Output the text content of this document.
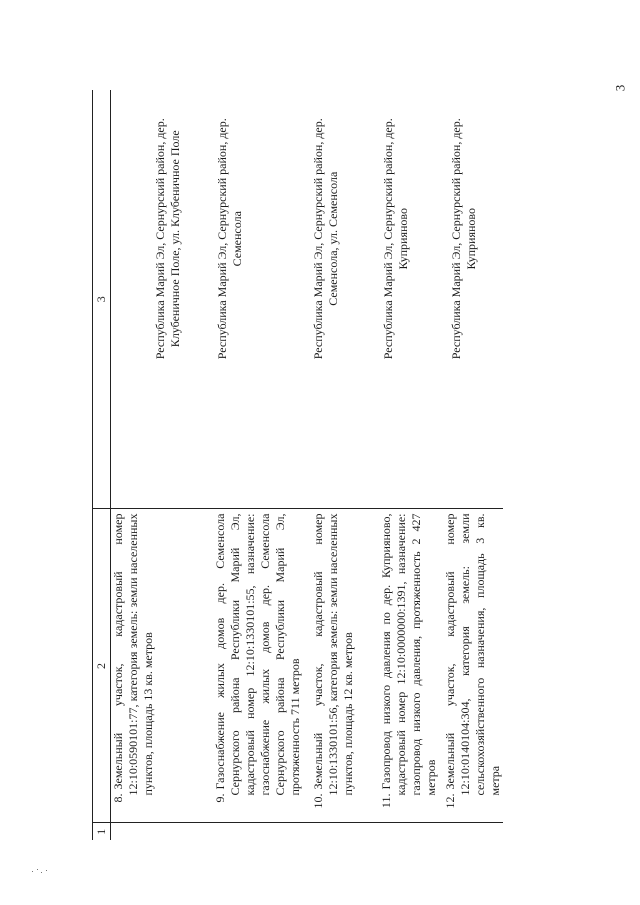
3
1	2	3

	8.Земельный участок, кадастровый номер 12:10:0590101:77, категория земель: земли населенных пунктов, площадь 13 кв. метров	Республика Марий Эл, Сернурский район, дер. Клубеничное Поле, ул. Клубеничное Поле

	9.Газоснабжение жилых домов дер. Семенсола Сернурского района Республики Марий Эл, кадастровый номер 12:10:1330101:55, назначение: газоснабжение жилых домов дер. Семенсола Сернурского района Республики Марий Эл, протяженность 711 метров	Республика Марий Эл, Сернурский район, дер. Семенсола

	10.Земельный участок, кадастровый номер 12:10:1330101:56, категория земель: земли населенных пунктов, площадь 12 кв. метров	Республика Марий Эл, Сернурский район, дер. Семенсола, ул. Семенсола

	11.Газопровод низкого давления по дер. Куприяново, кадастровый номер 12:10:0000000:1391, назначение: газопровод низкого давления, протяженность 2 427 метров	Республика Марий Эл, Сернурский район, дер. Куприяново

	12.Земельный участок, кадастровый номер 12:10:0140104:304, категория земель: земли сельскохозяйственного назначения, площадь 3 кв. метра	Республика Марий Эл, Сернурский район, дер. Куприяново
